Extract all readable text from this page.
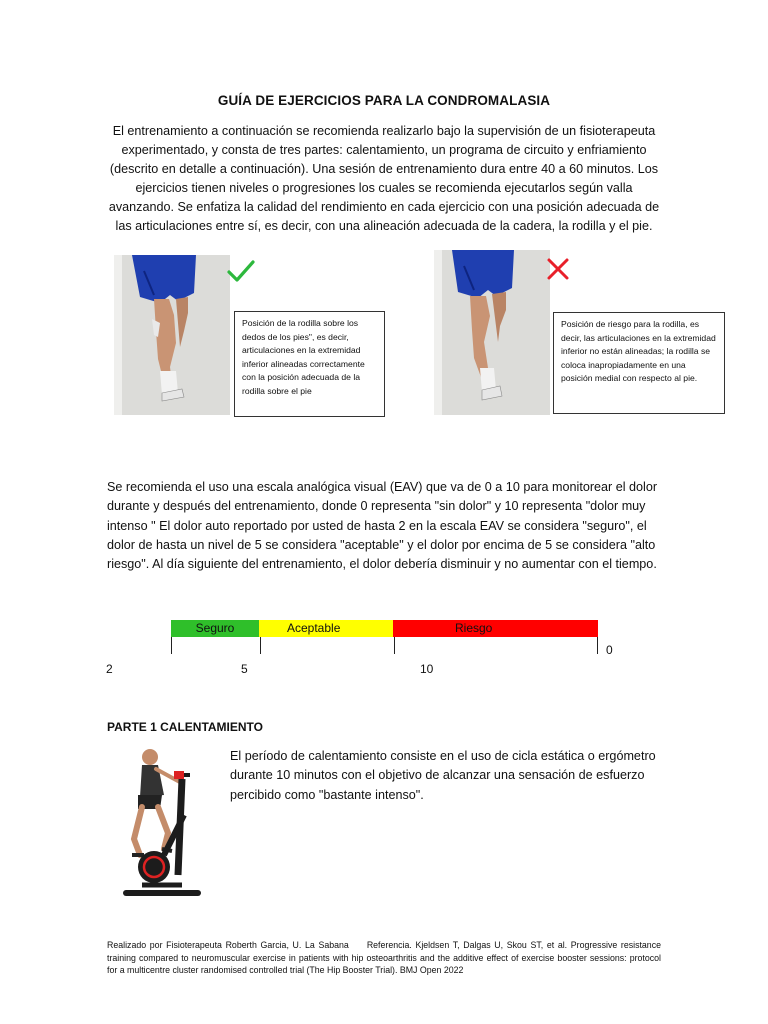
GUÍA DE EJERCICIOS PARA LA CONDROMALASIA
El entrenamiento a continuación se recomienda realizarlo bajo la supervisión de un fisioterapeuta experimentado, y consta de tres partes: calentamiento, un programa de circuito y enfriamiento (descrito en detalle a continuación). Una sesión de entrenamiento dura entre 40 a 60 minutos. Los ejercicios tienen niveles o progresiones los cuales se recomienda ejecutarlos según valla avanzando. Se enfatiza la calidad del rendimiento en cada ejercicio con una posición adecuada de las articulaciones entre sí, es decir, con una alineación adecuada de la cadera, la rodilla y el pie.
Posición de la rodilla sobre los dedos de los pies", es decir, articulaciones en la extremidad inferior alineadas correctamente con la posición adecuada de la rodilla sobre el pie
Posición de riesgo para la rodilla, es decir, las articulaciones en la extremidad inferior no están alineadas; la rodilla se coloca inapropiadamente en una posición medial con respecto al pie.
Se recomienda el uso una escala analógica visual (EAV) que va de 0 a 10 para monitorear el dolor durante y después del entrenamiento, donde 0 representa "sin dolor" y 10 representa "dolor muy intenso " El dolor auto reportado por usted de hasta 2 en la escala EAV se considera "seguro", el dolor de hasta un nivel de 5 se considera "aceptable" y el dolor por encima de 5 se considera "alto riesgo". Al día siguiente del entrenamiento, el dolor debería disminuir y no aumentar con el tiempo.
Seguro	Aceptable	Riesgo
0
2	5	10
PARTE 1 CALENTAMIENTO
El período de calentamiento consiste en el uso de cicla estática o ergómetro durante 10 minutos con el objetivo de alcanzar una sensación de esfuerzo percibido como "bastante intenso".
Realizado por Fisioterapeuta Roberth Garcia, U. La Sabana Referencia. Kjeldsen T, Dalgas U, Skou ST, et al. Progressive resistance training compared to neuromuscular exercise in patients with hip osteoarthritis and the additive effect of exercise booster sessions: protocol for a multicentre cluster randomised controlled trial (The Hip Booster Trial). BMJ Open 2022
